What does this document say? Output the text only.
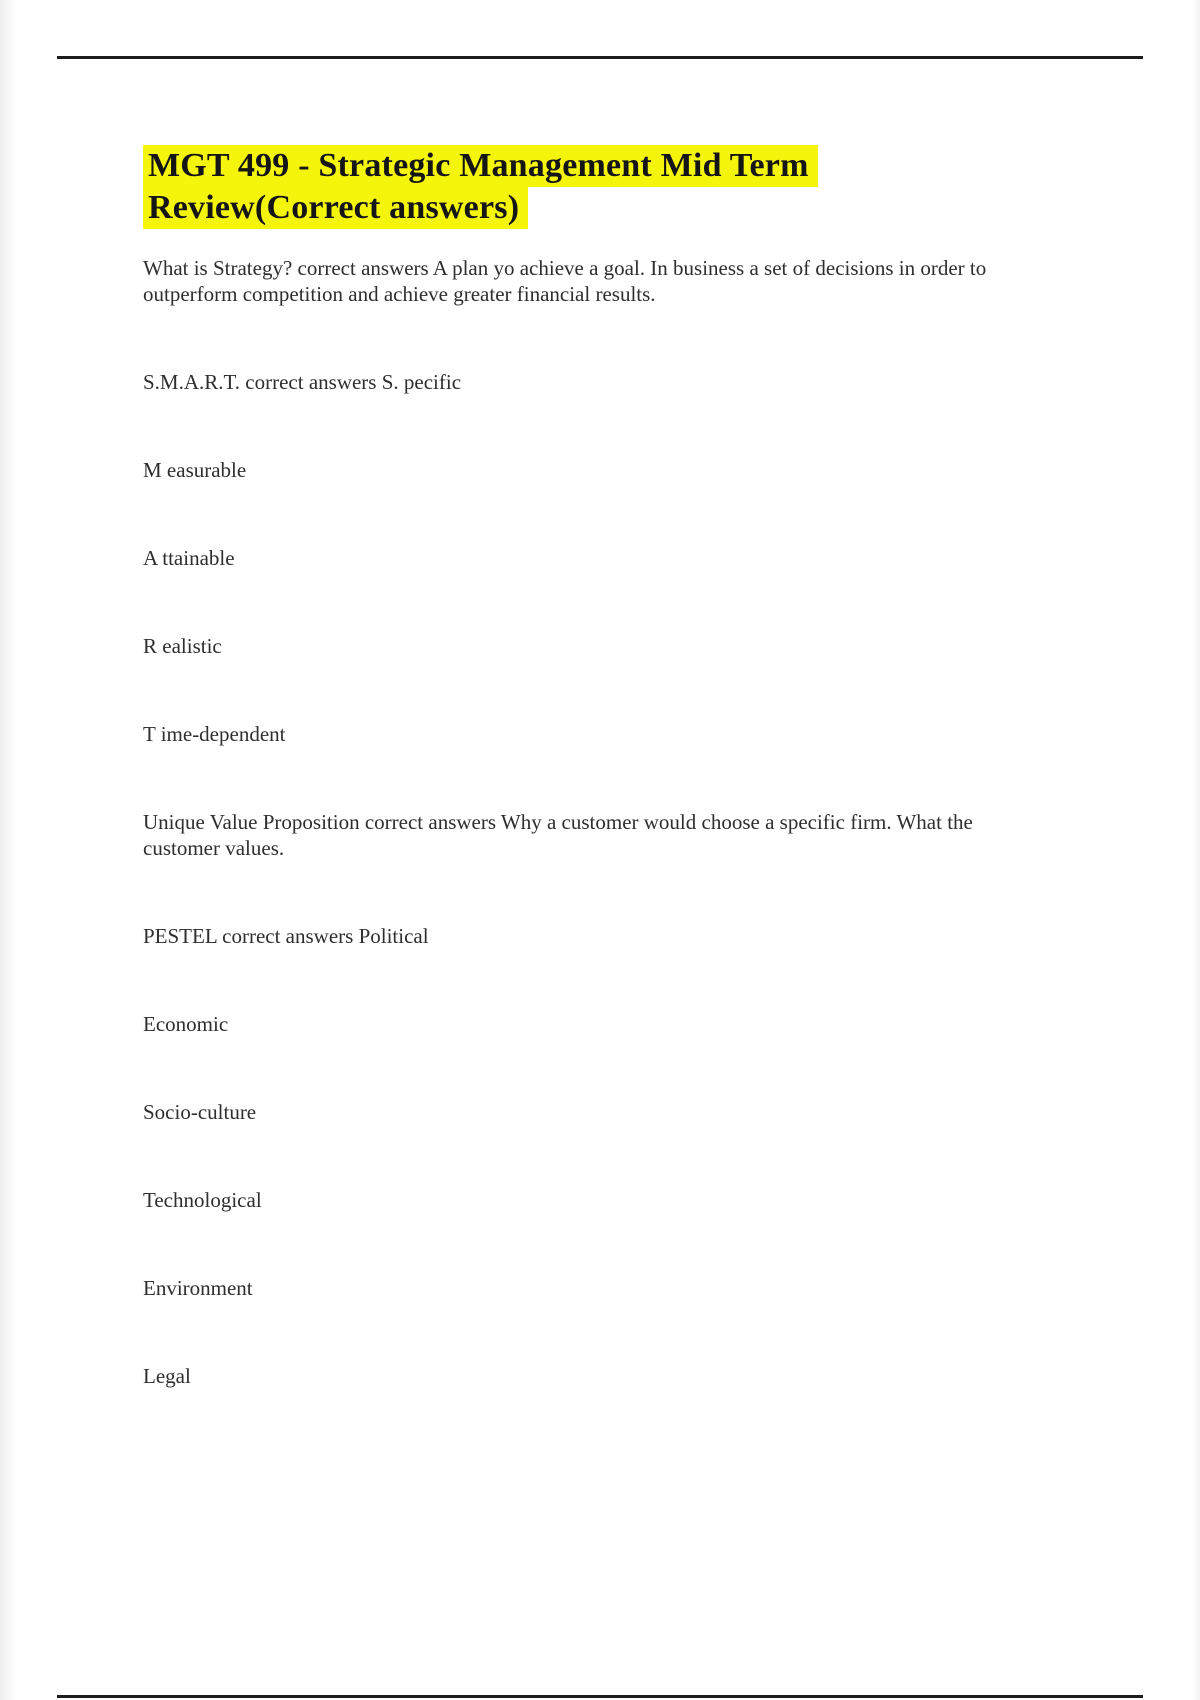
MGT 499 - Strategic Management Mid Term
Review(Correct answers)
What is Strategy? correct answers A plan yo achieve a goal. In business a set of decisions in order to
outperform competition and achieve greater financial results.
S.M.A.R.T. correct answers S. pecific
M easurable
A ttainable
R ealistic
T ime-dependent
Unique Value Proposition correct answers Why a customer would choose a specific firm. What the
customer values.
PESTEL correct answers Political
Economic
Socio-culture
Technological
Environment
Legal
